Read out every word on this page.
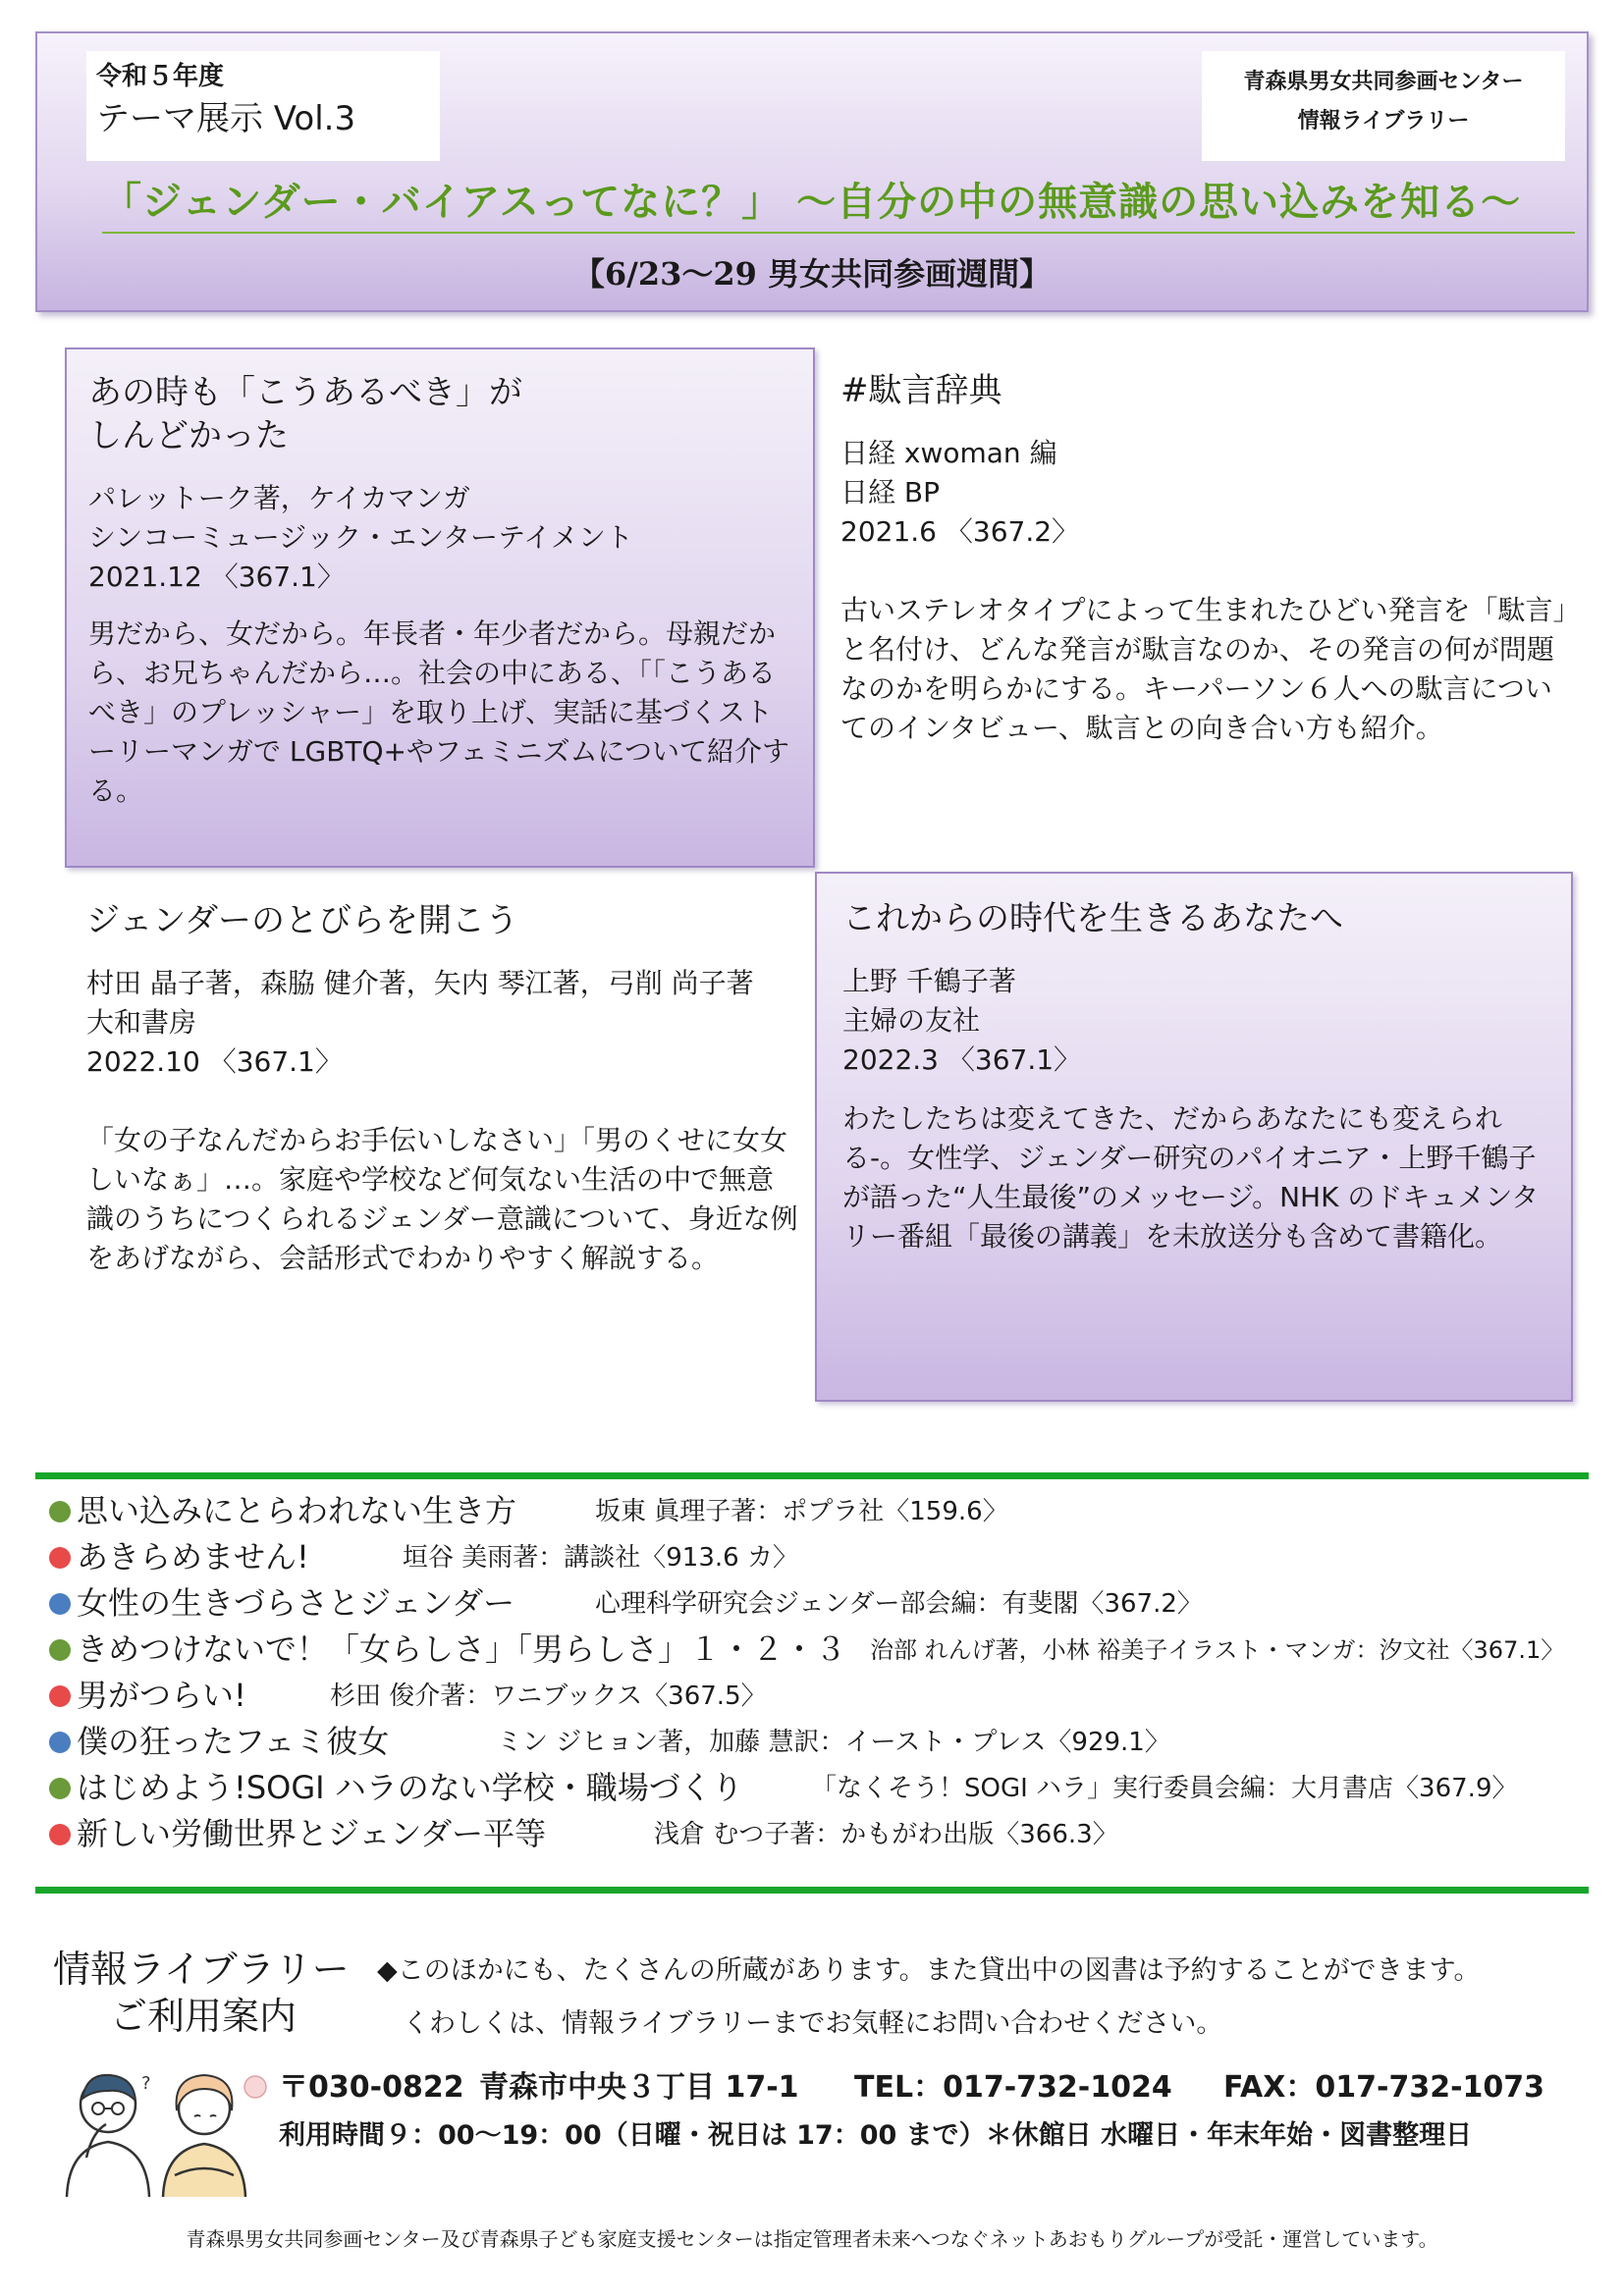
令和５年度
テーマ展示 Vol.3
青森県男女共同参画センター
情報ライブラリー
「ジェンダー・バイアスってなに？」 ～自分の中の無意識の思い込みを知る～
【6/23～29 男女共同参画週間】
あの時も「こうあるべき」が
しんどかった
パレットーク著，ケイカマンガ
シンコーミュージック・エンターテイメント
2021.12 〈367.1〉
男だから、女だから。年長者・年少者だから。母親だから、お兄ちゃんだから…。社会の中にある、「「こうあるべき」のプレッシャー」を取り上げ、実話に基づくストーリーマンガで LGBTQ+やフェミニズムについて紹介する。
#駄言辞典
日経 xwoman 編
日経 BP
2021.6 〈367.2〉
古いステレオタイプによって生まれたひどい発言を「駄言」と名付け、どんな発言が駄言なのか、その発言の何が問題なのかを明らかにする。キーパーソン６人への駄言についてのインタビュー、駄言との向き合い方も紹介。
ジェンダーのとびらを開こう
村田 晶子著，森脇 健介著，矢内 琴江著，弓削 尚子著
大和書房
2022.10 〈367.1〉
「女の子なんだからお手伝いしなさい」「男のくせに女女しいなぁ」…。家庭や学校など何気ない生活の中で無意識のうちにつくられるジェンダー意識について、身近な例をあげながら、会話形式でわかりやすく解説する。
これからの時代を生きるあなたへ
上野 千鶴子著
主婦の友社
2022.3 〈367.1〉
わたしたちは変えてきた、だからあなたにも変えられる-。女性学、ジェンダー研究のパイオニア・上野千鶴子が語った“人生最後”のメッセージ。NHK のドキュメンタリー番組「最後の講義」を未放送分も含めて書籍化。
思い込みにとらわれない生き方	坂東 眞理子著：ポプラ社〈159.6〉
あきらめません!	垣谷 美雨著：講談社〈913.6 カ〉
女性の生きづらさとジェンダー	心理科学研究会ジェンダー部会編：有斐閣〈367.2〉
きめつけないで！「女らしさ」「男らしさ」１・２・３ 治部 れんげ著，小林 裕美子イラスト・マンガ：汐文社〈367.1〉
男がつらい!	杉田 俊介著：ワニブックス〈367.5〉
僕の狂ったフェミ彼女	ミン ジヒョン著，加藤 慧訳：イースト・プレス〈929.1〉
はじめよう!SOGI ハラのない学校・職場づくり	「なくそう！SOGI ハラ」実行委員会編：大月書店〈367.9〉
新しい労働世界とジェンダー平等	浅倉 むつ子著：かもがわ出版〈366.3〉
情報ライブラリー
ご利用案内
◆このほかにも、たくさんの所蔵があります。また貸出中の図書は予約することができます。
くわしくは、情報ライブラリーまでお気軽にお問い合わせください。
?	〒030-0822 青森市中央３丁目 17-1 TEL：017-732-1024 FAX：017-732-1073
利用時間９：00～19：00（日曜・祝日は 17：00 まで）＊休館日 水曜日・年末年始・図書整理日
青森県男女共同参画センター及び青森県子ども家庭支援センターは指定管理者未来へつなぐネットあおもりグループが受託・運営しています。
